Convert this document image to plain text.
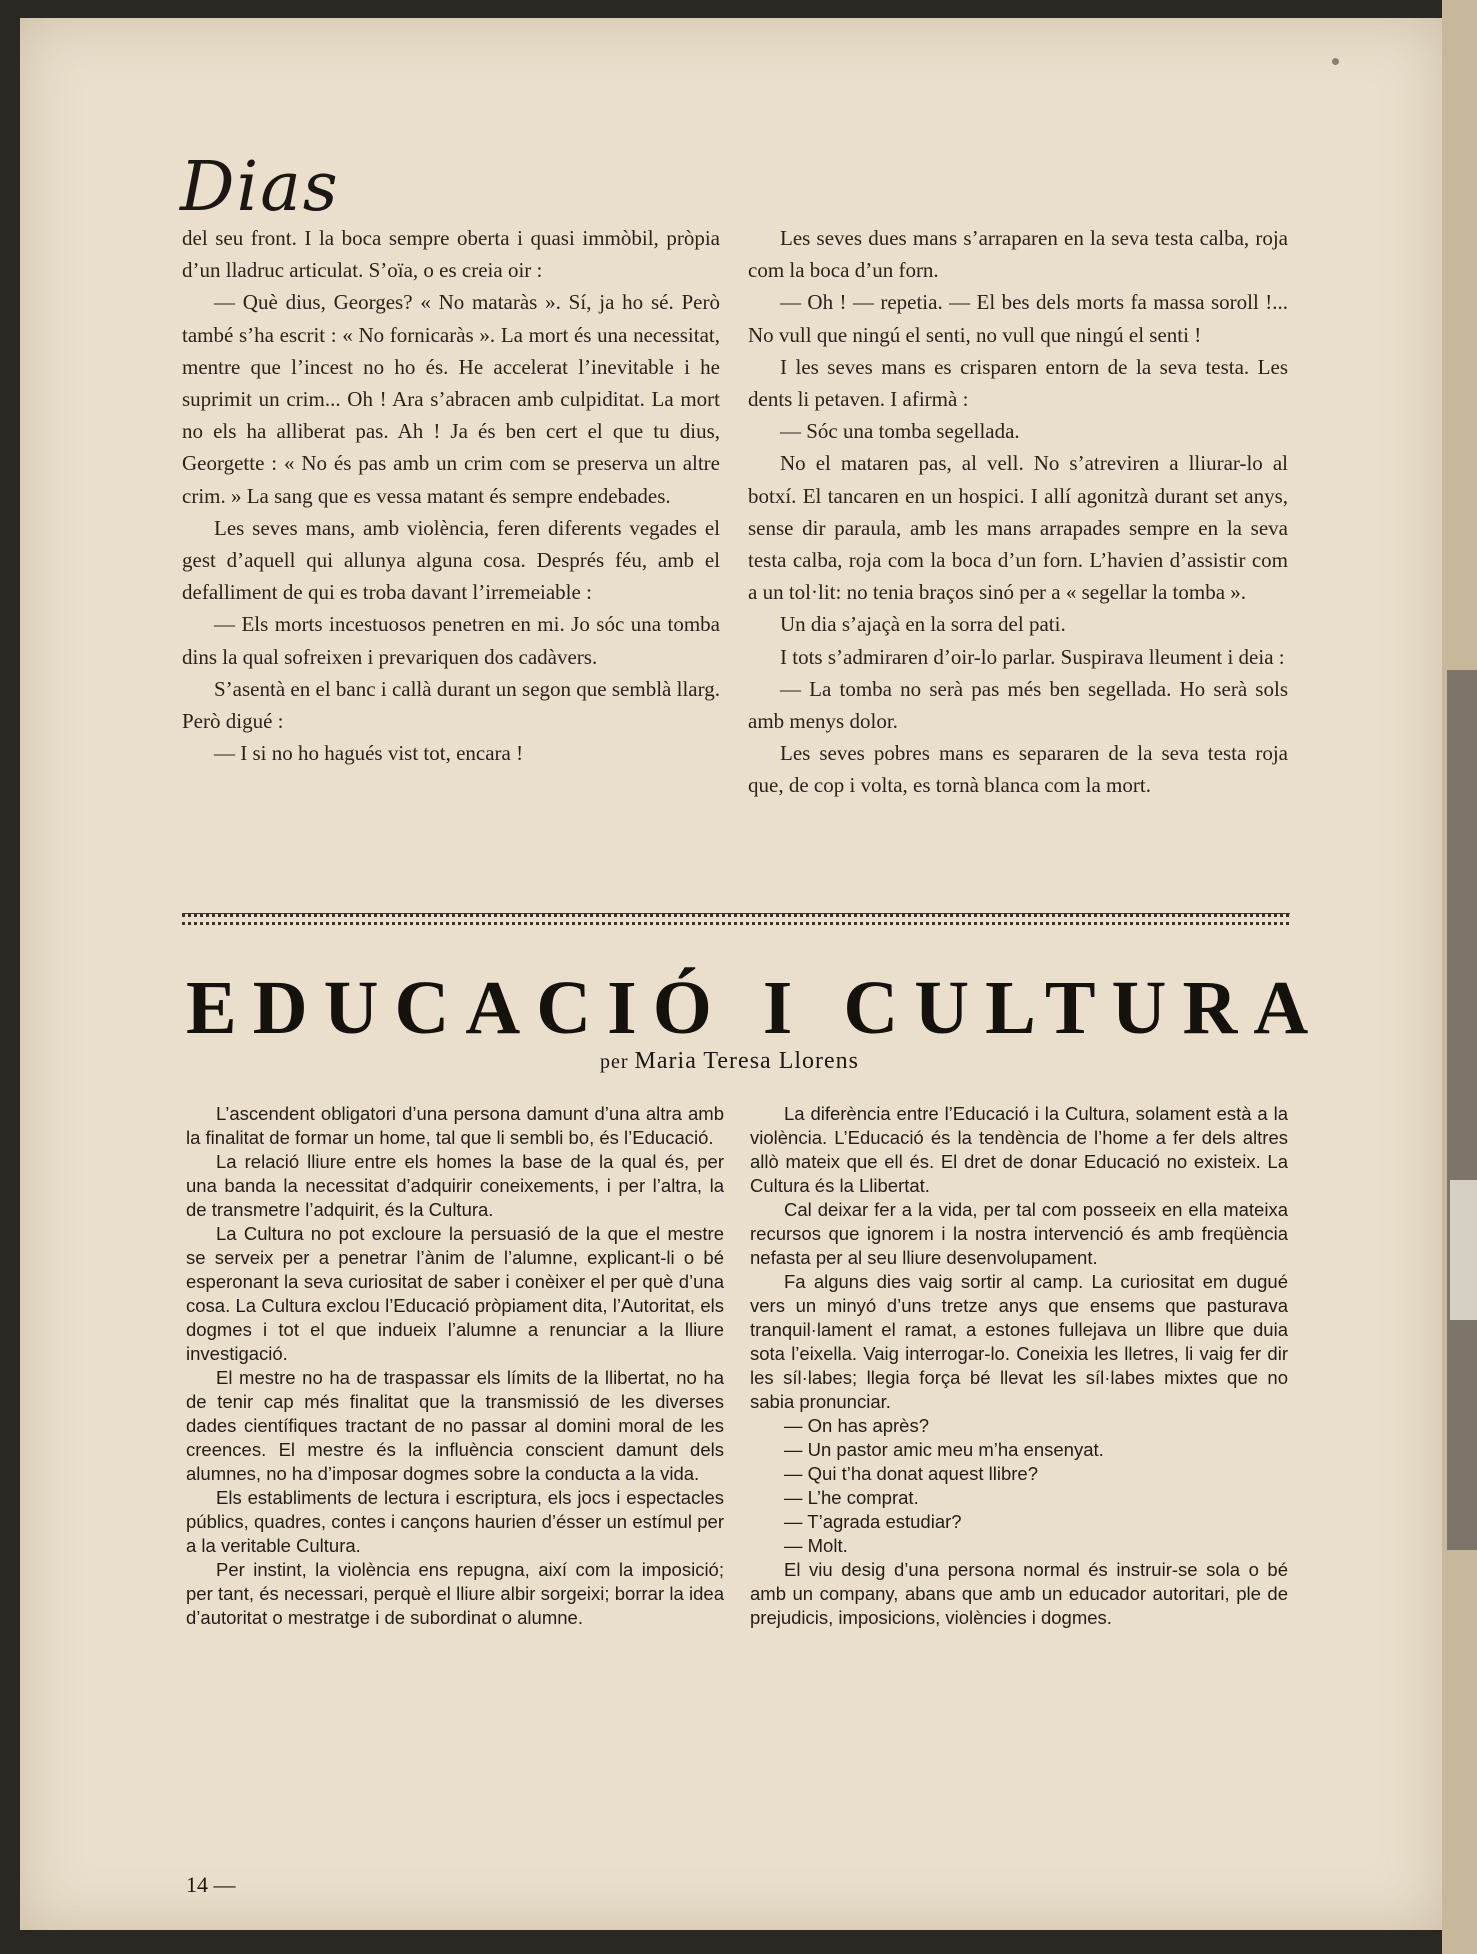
Dias

del seu front. I la boca sempre oberta i quasi immòbil, pròpia d’un lladruc articulat. S’oïa, o es creia oir :

— Què dius, Georges? « No mataràs ». Sí, ja ho sé. Però també s’ha escrit : « No fornicaràs ». La mort és una necessitat, mentre que l’incest no ho és. He accelerat l’inevitable i he suprimit un crim... Oh ! Ara s’abracen amb culpiditat. La mort no els ha alliberat pas. Ah ! Ja és ben cert el que tu dius, Georgette : « No és pas amb un crim com se preserva un altre crim. » La sang que es vessa matant és sempre endebades.

Les seves mans, amb violència, feren diferents vegades el gest d’aquell qui allunya alguna cosa. Després féu, amb el defalliment de qui es troba davant l’irremeiable :

— Els morts incestuosos penetren en mi. Jo sóc una tomba dins la qual sofreixen i prevariquen dos cadàvers.

S’asentà en el banc i callà durant un segon que semblà llarg. Però digué :

— I si no ho hagués vist tot, encara !

Les seves dues mans s’arraparen en la seva testa calba, roja com la boca d’un forn.

— Oh ! — repetia. — El bes dels morts fa massa soroll !... No vull que ningú el senti, no vull que ningú el senti !

I les seves mans es crisparen entorn de la seva testa. Les dents li petaven. I afirmà :

— Sóc una tomba segellada.

No el mataren pas, al vell. No s’atreviren a lliurar-lo al botxí. El tancaren en un hospici. I allí agonitzà durant set anys, sense dir paraula, amb les mans arrapades sempre en la seva testa calba, roja com la boca d’un forn. L’havien d’assistir com a un tol·lit: no tenia braços sinó per a « segellar la tomba ».

Un dia s’ajaçà en la sorra del pati.

I tots s’admiraren d’oir-lo parlar. Suspirava lleument i deia :

— La tomba no serà pas més ben segellada. Ho serà sols amb menys dolor.

Les seves pobres mans es separaren de la seva testa roja que, de cop i volta, es tornà blanca com la mort.

EDUCACIÓ I CULTURA
per Maria Teresa Llorens

L’ascendent obligatori d’una persona damunt d’una altra amb la finalitat de formar un home, tal que li sembli bo, és l’Educació.

La relació lliure entre els homes la base de la qual és, per una banda la necessitat d’adquirir coneixements, i per l’altra, la de transmetre l’adquirit, és la Cultura.

La Cultura no pot excloure la persuasió de la que el mestre se serveix per a penetrar l’ànim de l’alumne, explicant-li o bé esperonant la seva curiositat de saber i conèixer el per què d’una cosa. La Cultura exclou l’Educació pròpiament dita, l’Autoritat, els dogmes i tot el que indueix l’alumne a renunciar a la lliure investigació.

El mestre no ha de traspassar els límits de la llibertat, no ha de tenir cap més finalitat que la transmissió de les diverses dades científiques tractant de no passar al domini moral de les creences. El mestre és la influència conscient damunt dels alumnes, no ha d’imposar dogmes sobre la conducta a la vida.

Els establiments de lectura i escriptura, els jocs i espectacles públics, quadres, contes i cançons haurien d’ésser un estímul per a la veritable Cultura.

Per instint, la violència ens repugna, així com la imposició; per tant, és necessari, perquè el lliure albir sorgeixi; borrar la idea d’autoritat o mestratge i de subordinat o alumne.

La diferència entre l’Educació i la Cultura, solament està a la violència. L’Educació és la tendència de l’home a fer dels altres allò mateix que ell és. El dret de donar Educació no existeix. La Cultura és la Llibertat.

Cal deixar fer a la vida, per tal com posseeix en ella mateixa recursos que ignorem i la nostra intervenció és amb freqüència nefasta per al seu lliure desenvolupament.

Fa alguns dies vaig sortir al camp. La curiositat em dugué vers un minyó d’uns tretze anys que ensems que pasturava tranquil·lament el ramat, a estones fullejava un llibre que duia sota l’eixella. Vaig interrogar-lo. Coneixia les lletres, li vaig fer dir les síl·labes; llegia força bé llevat les síl·labes mixtes que no sabia pronunciar.

— On has après?

— Un pastor amic meu m’ha ensenyat.

— Qui t’ha donat aquest llibre?

— L’he comprat.

— T’agrada estudiar?

— Molt.

El viu desig d’una persona normal és instruir-se sola o bé amb un company, abans que amb un educador autoritari, ple de prejudicis, imposicions, violències i dogmes.

14 —
